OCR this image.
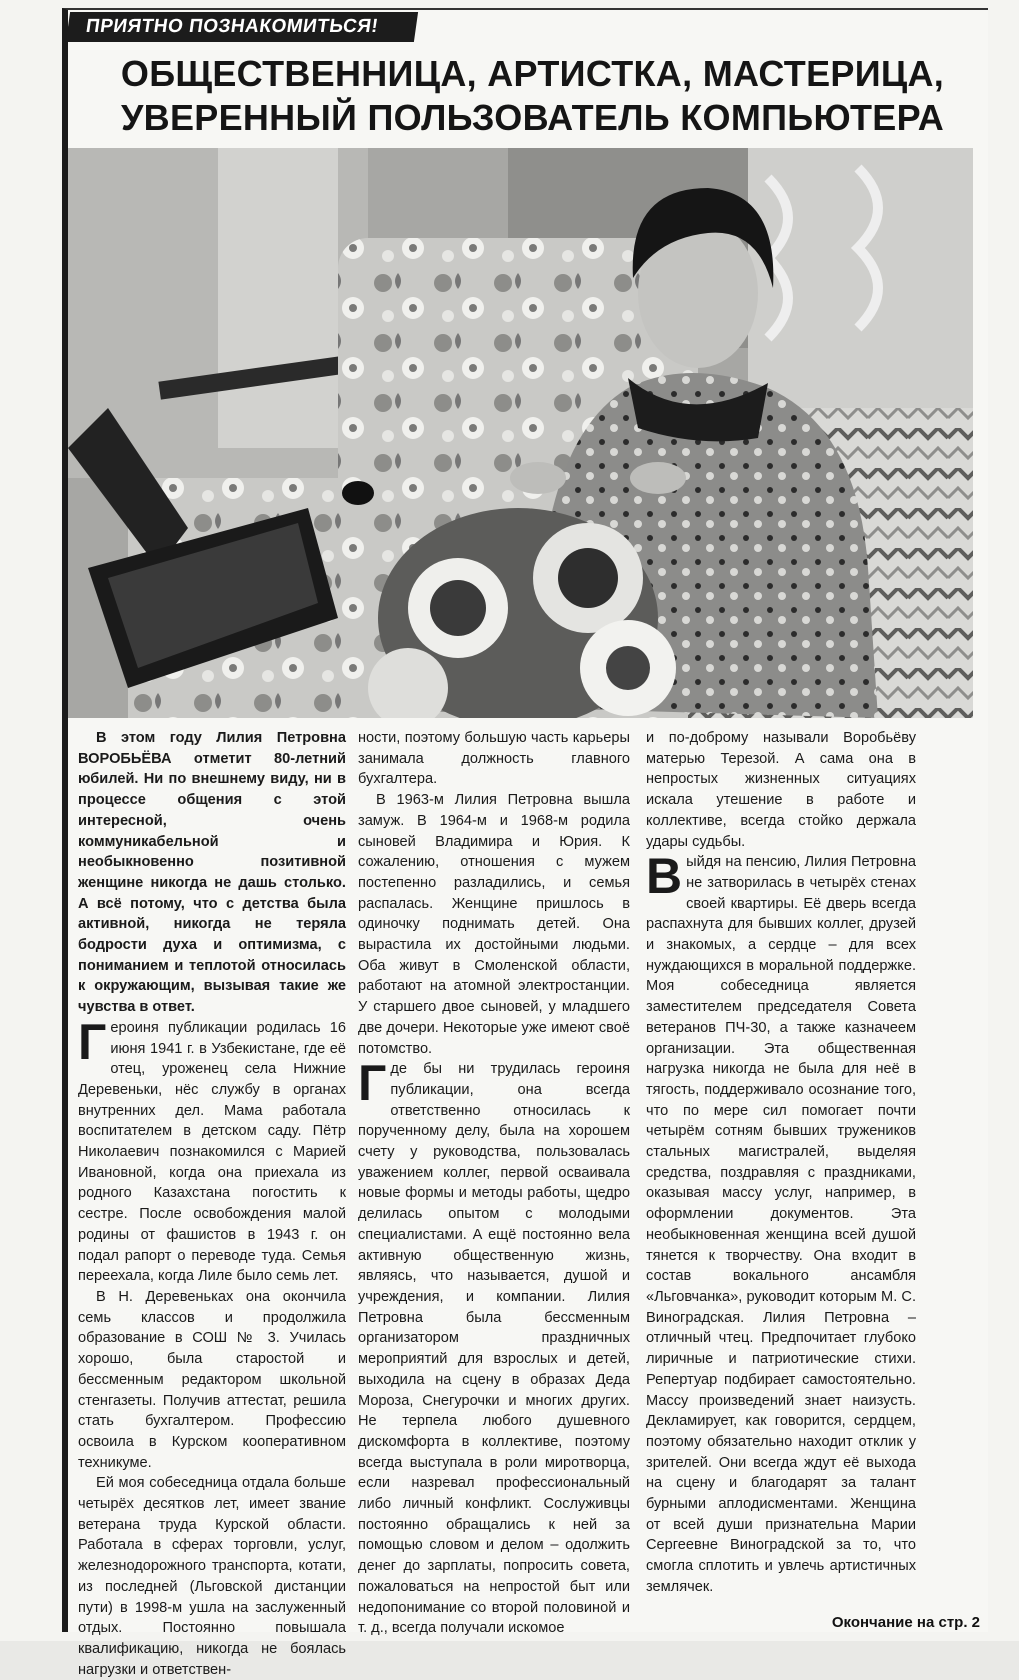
ПРИЯТНО ПОЗНАКОМИТЬСЯ!
ОБЩЕСТВЕННИЦА, АРТИСТКА, МАСТЕРИЦА,
УВЕРЕННЫЙ ПОЛЬЗОВАТЕЛЬ КОМПЬЮТЕРА

В этом году Лилия Петровна ВОРОБЬЁВА отметит 80-летний юбилей. Ни по внешнему виду, ни в процессе общения с этой интересной, очень коммуникабельной и необыкновенно позитивной женщине никогда не дашь столько. А всё потому, что с детства была активной, никогда не теряла бодрости духа и оптимизма, с пониманием и теплотой относилась к окружающим, вызывая такие же чувства в ответ.

Героиня публикации родилась 16 июня 1941 г. в Узбекистане, где её отец, уроженец села Нижние Деревеньки, нёс службу в органах внутренних дел. Мама работала воспитателем в детском саду. Пётр Николаевич познакомился с Марией Ивановной, когда она приехала из родного Казахстана погостить к сестре. После освобождения малой родины от фашистов в 1943 г. он подал рапорт о переводе туда. Семья переехала, когда Лиле было семь лет.

В Н. Деревеньках она окончила семь классов и продолжила образование в СОШ № 3. Училась хорошо, была старостой и бессменным редактором школьной стенгазеты. Получив аттестат, решила стать бухгалтером. Профессию освоила в Курском кооперативном техникуме.

Ей моя собеседница отдала больше четырёх десятков лет, имеет звание ветерана труда Курской области. Работала в сферах торговли, услуг, железнодорожного транспорта, котати, из последней (Льговской дистанции пути) в 1998-м ушла на заслуженный отдых. Постоянно повышала квалификацию, никогда не боялась нагрузки и ответствен-

ности, поэтому большую часть карьеры занимала должность главного бухгалтера.

В 1963-м Лилия Петровна вышла замуж. В 1964-м и 1968-м родила сыновей Владимира и Юрия. К сожалению, отношения с мужем постепенно разладились, и семья распалась. Женщине пришлось в одиночку поднимать детей. Она вырастила их достойными людьми. Оба живут в Смоленской области, работают на атомной электростанции. У старшего двое сыновей, у младшего две дочери. Некоторые уже имеют своё потомство.

Где бы ни трудилась героиня публикации, она всегда ответственно относилась к порученному делу, была на хорошем счету у руководства, пользовалась уважением коллег, первой осваивала новые формы и методы работы, щедро делилась опытом с молодыми специалистами. А ещё постоянно вела активную общественную жизнь, являясь, что называется, душой и учреждения, и компании. Лилия Петровна была бессменным организатором праздничных мероприятий для взрослых и детей, выходила на сцену в образах Деда Мороза, Снегурочки и многих других. Не терпела любого душевного дискомфорта в коллективе, поэтому всегда выступала в роли миротворца, если назревал профессиональный либо личный конфликт. Сослуживцы постоянно обращались к ней за помощью словом и делом – одолжить денег до зарплаты, попросить совета, пожаловаться на непростой быт или недопонимание со второй половиной и т. д., всегда получали искомое

и по-доброму называли Воробьёву матерью Терезой. А сама она в непростых жизненных ситуациях искала утешение в работе и коллективе, всегда стойко держала удары судьбы.

Выйдя на пенсию, Лилия Петровна не затворилась в четырёх стенах своей квартиры. Её дверь всегда распахнута для бывших коллег, друзей и знакомых, а сердце – для всех нуждающихся в моральной поддержке. Моя собеседница является заместителем председателя Совета ветеранов ПЧ-30, а также казначеем организации. Эта общественная нагрузка никогда не была для неё в тягость, поддерживало осознание того, что по мере сил помогает почти четырём сотням бывших тружеников стальных магистралей, выделяя средства, поздравляя с праздниками, оказывая массу услуг, например, в оформлении документов. Эта необыкновенная женщина всей душой тянется к творчеству. Она входит в состав вокального ансамбля «Льговчанка», руководит которым М. С. Виноградская. Лилия Петровна – отличный чтец. Предпочитает глубоко лиричные и патриотические стихи. Репертуар подбирает самостоятельно. Массу произведений знает наизусть. Декламирует, как говорится, сердцем, поэтому обязательно находит отклик у зрителей. Они всегда ждут её выхода на сцену и благодарят за талант бурными аплодисментами. Женщина от всей души признательна Марии Сергеевне Виноградской за то, что смогла сплотить и увлечь артистичных землячек.

Окончание на стр. 2
